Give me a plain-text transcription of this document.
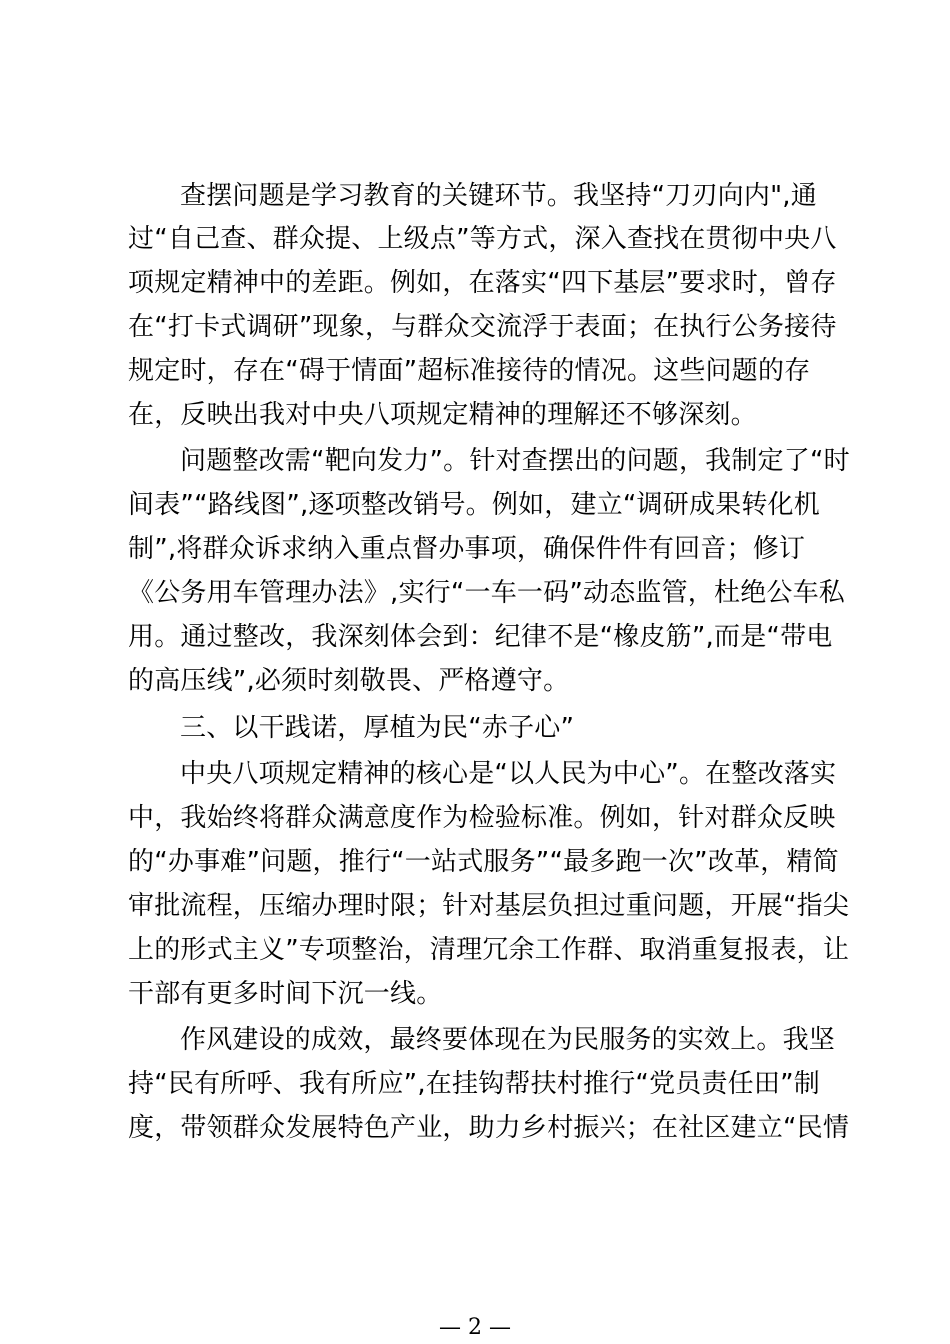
查摆问题是学习教育的关键环节。我坚持“刀刃向内",通
过“自己查、群众提、上级点”等方式，深入查找在贯彻中央八
项规定精神中的差距。例如，在落实“四下基层”要求时，曾存
在“打卡式调研”现象，与群众交流浮于表面；在执行公务接待
规定时，存在“碍于情面”超标准接待的情况。这些问题的存
在，反映出我对中央八项规定精神的理解还不够深刻。
问题整改需“靶向发力”。针对查摆出的问题，我制定了“时
间表”“路线图”,逐项整改销号。例如，建立“调研成果转化机
制”,将群众诉求纳入重点督办事项，确保件件有回音；修订
《公务用车管理办法》,实行“一车一码”动态监管，杜绝公车私
用。通过整改，我深刻体会到：纪律不是“橡皮筋”,而是“带电
的高压线”,必须时刻敬畏、严格遵守。
三、以干践诺，厚植为民“赤子心”
中央八项规定精神的核心是“以人民为中心”。在整改落实
中，我始终将群众满意度作为检验标准。例如，针对群众反映
的“办事难”问题，推行“一站式服务”“最多跑一次”改革，精简
审批流程，压缩办理时限；针对基层负担过重问题，开展“指尖
上的形式主义”专项整治，清理冗余工作群、取消重复报表，让
干部有更多时间下沉一线。
作风建设的成效，最终要体现在为民服务的实效上。我坚
持“民有所呼、我有所应”,在挂钩帮扶村推行“党员责任田”制
度，带领群众发展特色产业，助力乡村振兴；在社区建立“民情
— 2 —
